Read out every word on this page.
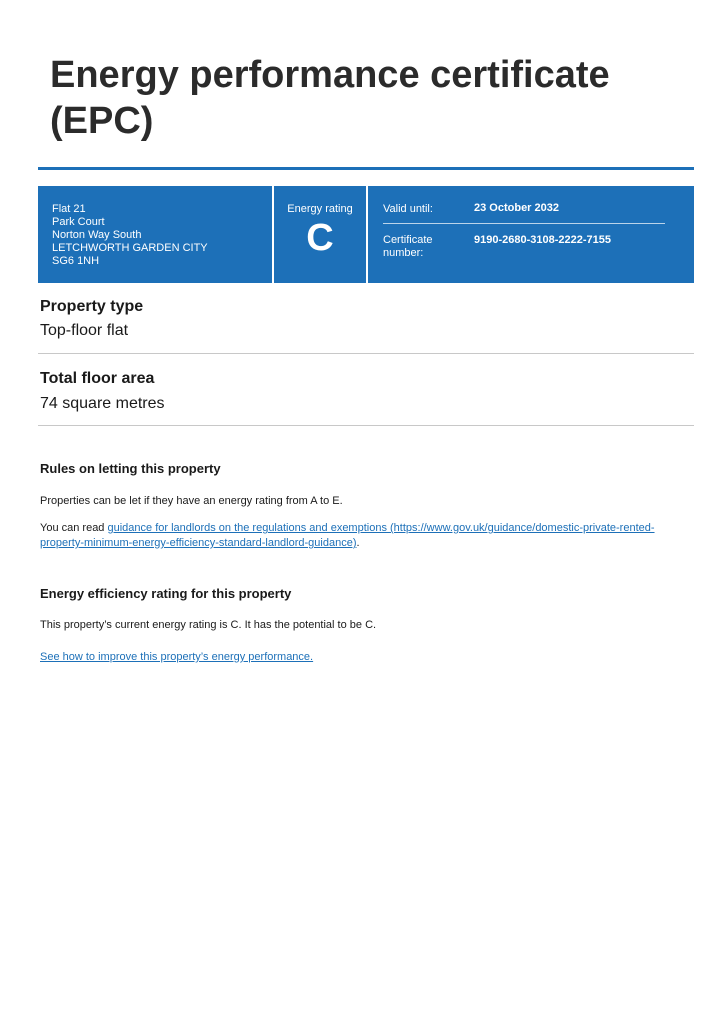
Energy performance certificate
(EPC)
Flat 21
Park Court
Norton Way South
LETCHWORTH GARDEN CITY
SG6 1NH
Energy rating
C
Valid until:	23 October 2032
Certificate number:
9190-2680-3108-2222-7155
Property type
Top-floor flat
Total floor area
74 square metres
Rules on letting this property

Properties can be let if they have an energy rating from A to E.

You can read guidance for landlords on the regulations and exemptions (https://www.gov.uk/guidance/domestic-private-rented-property-minimum-energy-efficiency-standard-landlord-guidance).

Energy efficiency rating for this property

This property’s current energy rating is C. It has the potential to be C.

See how to improve this property’s energy performance.
